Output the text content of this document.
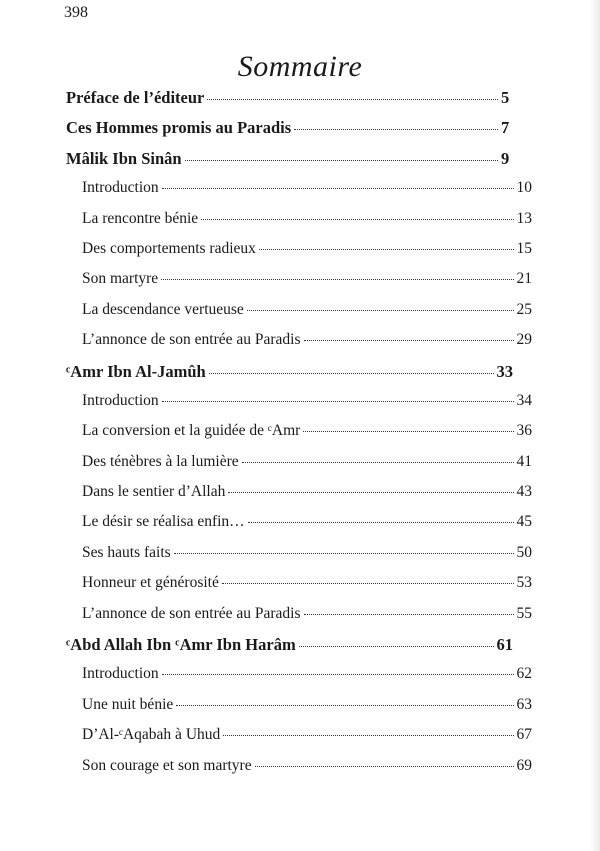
398
Sommaire
Préface de l’éditeur	5
Ces Hommes promis au Paradis	7
Mâlik Ibn Sinân	9
Introduction	10
La rencontre bénie	13
Des comportements radieux	15
Son martyre	21
La descendance vertueuse	25
L’annonce de son entrée au Paradis	29
ᶜAmr Ibn Al-Jamûh	33
Introduction	34
La conversion et la guidée de ᶜAmr	36
Des ténèbres à la lumière	41
Dans le sentier d’Allah	43
Le désir se réalisa enfin…	45
Ses hauts faits	50
Honneur et générosité	53
L’annonce de son entrée au Paradis	55
ᶜAbd Allah Ibn ᶜAmr Ibn Harâm	61
Introduction	62
Une nuit bénie	63
D’Al-ᶜAqabah à Uhud	67
Son courage et son martyre	69
